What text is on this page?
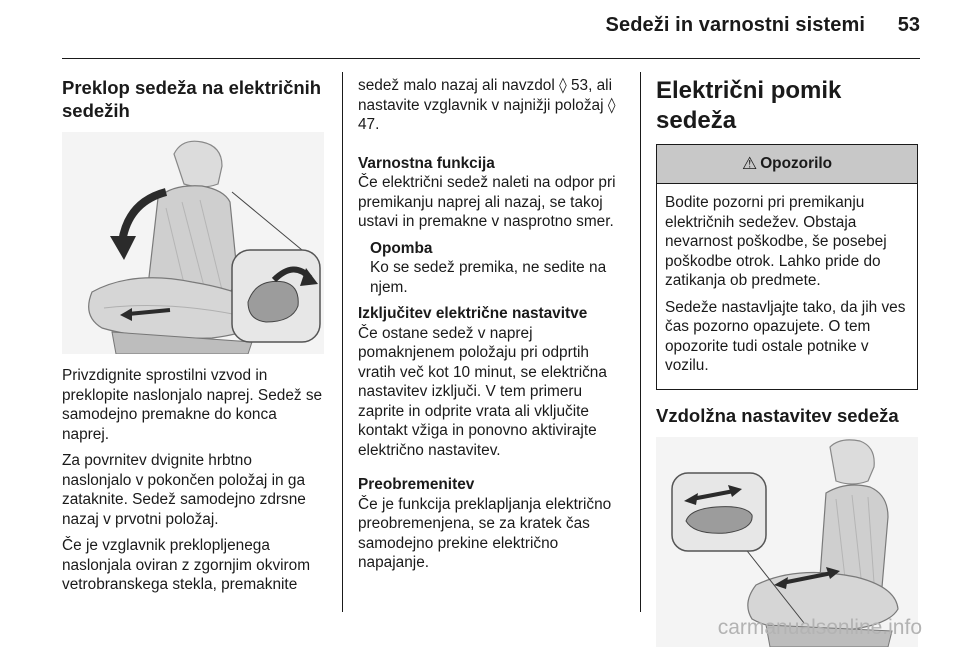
Sedeži in varnostni sistemi 53
Preklop sedeža na električnih sedežih

Privzdignite sprostilni vzvod in preklopite naslonjalo naprej. Sedež se samodejno premakne do konca naprej.

Za povrnitev dvignite hrbtno naslonjalo v pokončen položaj in ga zataknite. Sedež samodejno zdrsne nazaj v prvotni položaj.

Če je vzglavnik preklopljenega naslonjala oviran z zgornjim okvirom vetrobranskega stekla, premaknite

sedež malo nazaj ali navzdol ◊ 53, ali nastavite vzglavnik v najnižji položaj ◊ 47.

Varnostna funkcija

Če električni sedež naleti na odpor pri premikanju naprej ali nazaj, se takoj ustavi in premakne v nasprotno smer.

Opomba

Ko se sedež premika, ne sedite na njem.

Izključitev električne nastavitve

Če ostane sedež v naprej pomaknjenem položaju pri odprtih vratih več kot 10 minut, se električna nastavitev izključi. V tem primeru zaprite in odprite vrata ali vključite kontakt vžiga in ponovno aktivirajte električno nastavitev.

Preobremenitev

Če je funkcija preklapljanja električno preobremenjena, se za kratek čas samodejno prekine električno napajanje.

Električni pomik sedeža
⚠ Opozorilo

Bodite pozorni pri premikanju električnih sedežev. Obstaja nevarnost poškodbe, še posebej poškodbe otrok. Lahko pride do zatikanja ob predmete.

Sedeže nastavljajte tako, da jih ves čas pozorno opazujete. O tem opozorite tudi ostale potnike v vozilu.

Vzdolžna nastavitev sedeža
carmanualsonline.info
